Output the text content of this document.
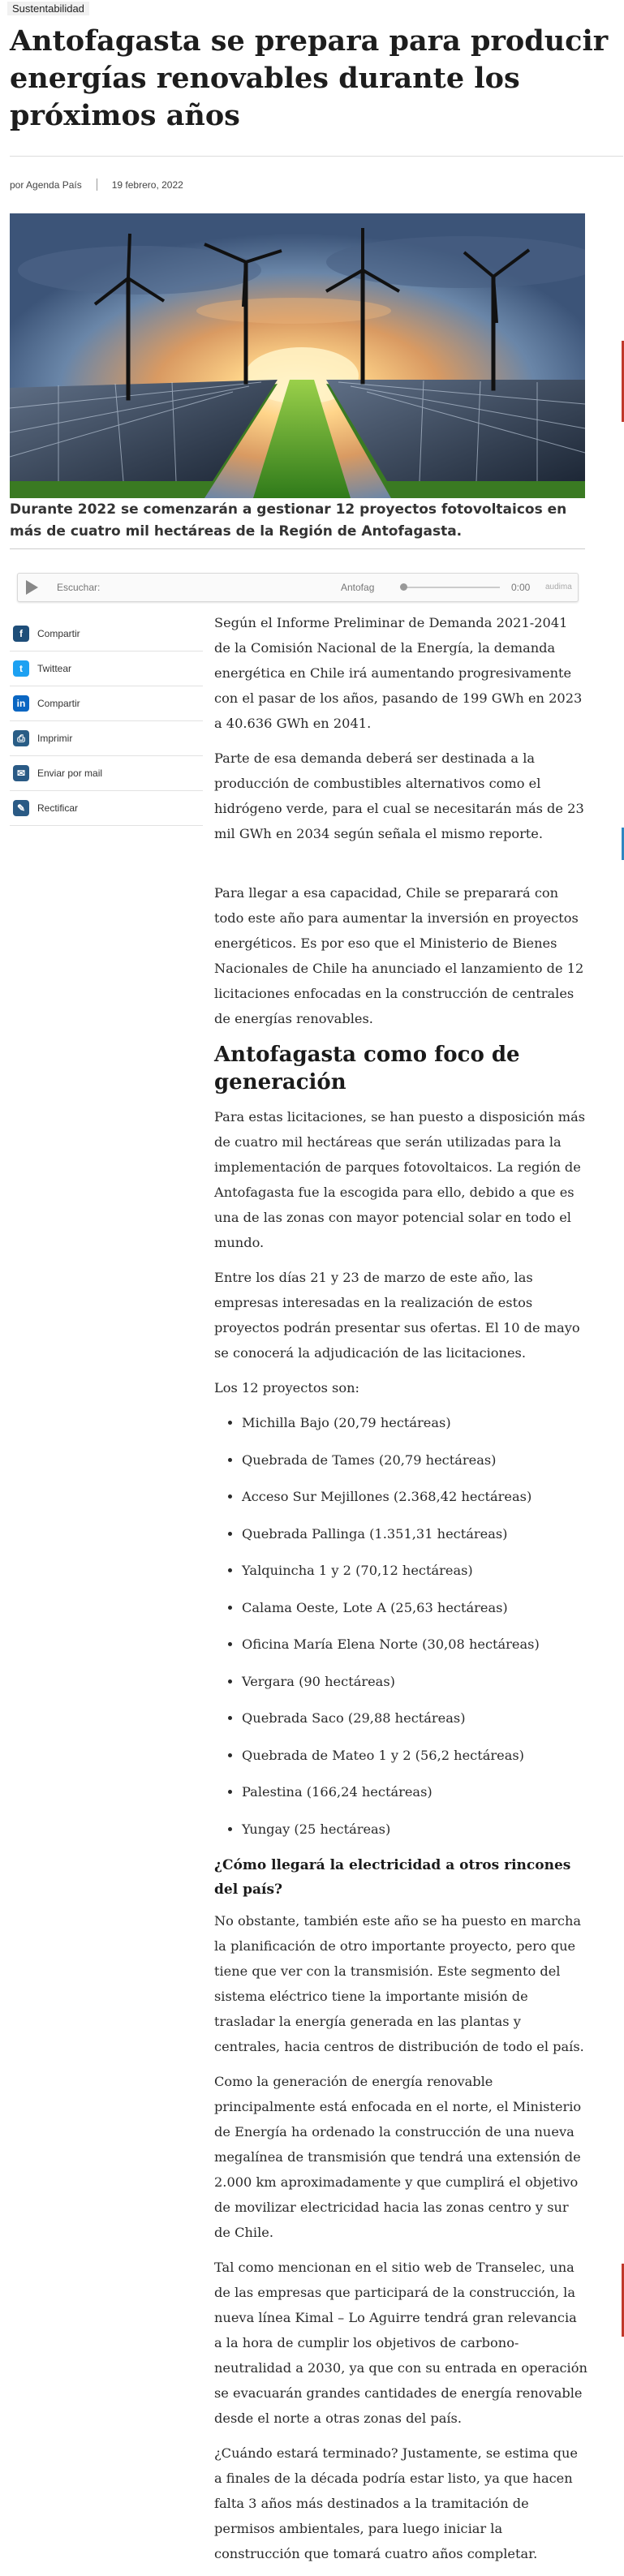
Sustentabilidad
Antofagasta se prepara para producir energías renovables durante los próximos años
por Agenda País	19 febrero, 2022

Durante 2022 se comenzarán a gestionar 12 proyectos fotovoltaicos en más de cuatro mil hectáreas de la Región de Antofagasta.

Escuchar:	Antofag	0:00 audima
f	Compartir
t	Twittear
in	Compartir
⎙	Imprimir
✉	Enviar por mail
✎	Rectificar

Según el Informe Preliminar de Demanda 2021-2041 de la Comisión Nacional de la Energía, la demanda energética en Chile irá aumentando progresivamente con el pasar de los años, pasando de 199 GWh en 2023 a 40.636 GWh en 2041.

Parte de esa demanda deberá ser destinada a la producción de combustibles alternativos como el hidrógeno verde, para el cual se necesitarán más de 23 mil GWh en 2034 según señala el mismo reporte.

Para llegar a esa capacidad, Chile se preparará con todo este año para aumentar la inversión en proyectos energéticos. Es por eso que el Ministerio de Bienes Nacionales de Chile ha anunciado el lanzamiento de 12 licitaciones enfocadas en la construcción de centrales de energías renovables.

Antofagasta como foco de generación

Para estas licitaciones, se han puesto a disposición más de cuatro mil hectáreas que serán utilizadas para la implementación de parques fotovoltaicos. La región de Antofagasta fue la escogida para ello, debido a que es una de las zonas con mayor potencial solar en todo el mundo.

Entre los días 21 y 23 de marzo de este año, las empresas interesadas en la realización de estos proyectos podrán presentar sus ofertas. El 10 de mayo se conocerá la adjudicación de las licitaciones.

Los 12 proyectos son:

• Michilla Bajo (20,79 hectáreas)
• Quebrada de Tames (20,79 hectáreas)
• Acceso Sur Mejillones (2.368,42 hectáreas)
• Quebrada Pallinga (1.351,31 hectáreas)
• Yalquincha 1 y 2 (70,12 hectáreas)
• Calama Oeste, Lote A (25,63 hectáreas)
• Oficina María Elena Norte (30,08 hectáreas)
• Vergara (90 hectáreas)
• Quebrada Saco (29,88 hectáreas)
• Quebrada de Mateo 1 y 2 (56,2 hectáreas)
• Palestina (166,24 hectáreas)
• Yungay (25 hectáreas)
¿Cómo llegará la electricidad a otros rincones del país?

No obstante, también este año se ha puesto en marcha la planificación de otro importante proyecto, pero que tiene que ver con la transmisión. Este segmento del sistema eléctrico tiene la importante misión de trasladar la energía generada en las plantas y centrales, hacia centros de distribución de todo el país.

Como la generación de energía renovable principalmente está enfocada en el norte, el Ministerio de Energía ha ordenado la construcción de una nueva megalínea de transmisión que tendrá una extensión de 2.000 km aproximadamente y que cumplirá el objetivo de movilizar electricidad hacia las zonas centro y sur de Chile.

Tal como mencionan en el sitio web de Transelec, una de las empresas que participará de la construcción, la nueva línea Kimal – Lo Aguirre tendrá gran relevancia a la hora de cumplir los objetivos de carbono-neutralidad a 2030, ya que con su entrada en operación se evacuarán grandes cantidades de energía renovable desde el norte a otras zonas del país.

¿Cuándo estará terminado? Justamente, se estima que a finales de la década podría estar listo, ya que hacen falta 3 años más destinados a la tramitación de permisos ambientales, para luego iniciar la construcción que tomará cuatro años completar.
